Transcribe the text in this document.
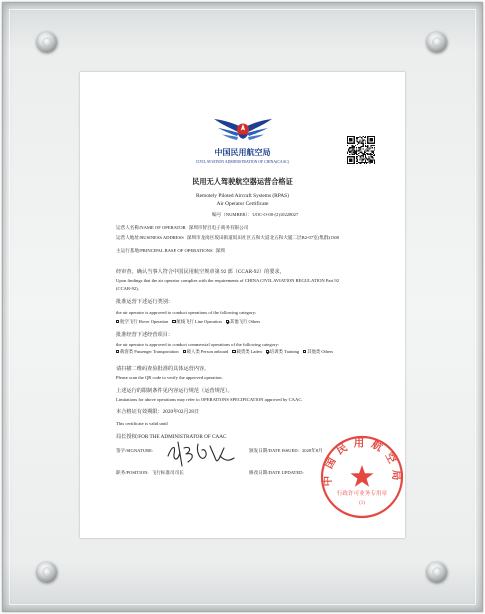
中国民用航空局
CIVIL AVIATION ADMINISTRATION OF CHINA(CAAC)
民用无人驾驶航空器运营合格证
Remotely Piloted Aircraft Systems (RPAS)
Air Operator Certificate
编号（NUMBER）：UOC-O-00-(2)10228027
运营人名称/NAME OF OPERATOR 深圳市智目电子商务有限公司
运营人地址/BUSINESS ADDRESS 深圳市龙岗区坂田街道坂田社区五和大道北五和大厦二层B2-07室(集群)1300
主运行基地/PRINCIPAL BASE OF OPERATIONS 深圳
经审查，确认当事人符合中国民用航空规章第 92 部（CCAR-92）的要求，
Upon findings that the air operator complies with the requirements of CHINA CIVIL AVIATION REGULATION Part 92
(CCAR-92),
批准运营下述运行类别：
the air operator is approved to conduct operations of the following category:
航空飞行 Hover Operation 航线飞行 Line Operation 其他飞行 Others
批准经营下述经营项目：
the air operator is approved to conduct commercial operations of the following category:
载客类 Passenger Transportation 载人类 Person onboard 载货类 Laden 培训类 Training 其他类 Others
请扫描二维码查验批准的具体运营内容。
Please scan the QR code to verify the approved operation.
上述运行的限制条件见内容运行规范（运营规范）。
Limitations for above operations may refer to OPERATIONS SPECIFICATION approved by CAAC.
本合格证有效期限：2020年02月28日
This certificate is valid until
局长授权/FOR THE ADMINISTRATOR OF CAAC
签字/SIGNATURE:	颁发日期/DATE ISSUED: 2020年8月
职务/POSITION: 飞行标准司司长	修改日期/DATE UPDATED: 中国民用航空局
行政许可业务专用章
(1)
